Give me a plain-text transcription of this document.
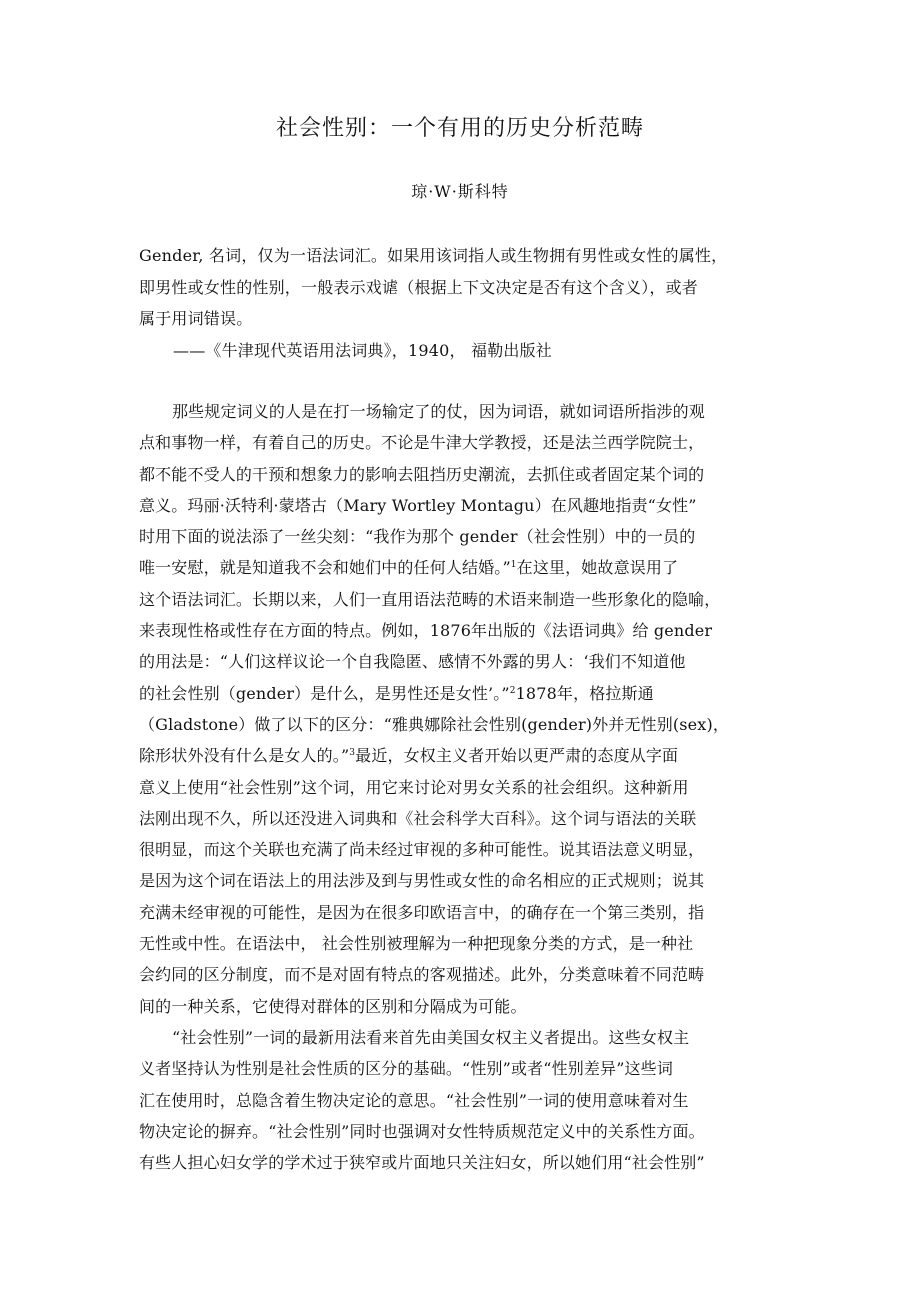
社会性别：一个有用的历史分析范畴
琼·W·斯科特
Gender, 名词，仅为一语法词汇。如果用该词指人或生物拥有男性或女性的属性，
即男性或女性的性别，一般表示戏谑（根据上下文决定是否有这个含义），或者
属于用词错误。
——《牛津现代英语用法词典》，1940， 福勒出版社
那些规定词义的人是在打一场输定了的仗，因为词语，就如词语所指涉的观
点和事物一样，有着自己的历史。不论是牛津大学教授，还是法兰西学院院士，
都不能不受人的干预和想象力的影响去阻挡历史潮流，去抓住或者固定某个词的
意义。玛丽·沃特利·蒙塔古（Mary Wortley Montagu）在风趣地指责“女性”
时用下面的说法添了一丝尖刻：“我作为那个 gender（社会性别）中的一员的
唯一安慰，就是知道我不会和她们中的任何人结婚。”$^1$在这里，她故意误用了
这个语法词汇。长期以来，人们一直用语法范畴的术语来制造一些形象化的隐喻，
来表现性格或性存在方面的特点。例如，1876年出版的《法语词典》给 gender
的用法是：“人们这样议论一个自我隐匿、感情不外露的男人：‘我们不知道他
的社会性别（gender）是什么，是男性还是女性’。”$^2$1878年，格拉斯通
（Gladstone）做了以下的区分：“雅典娜除社会性别(gender)外并无性别(sex)，
除形状外没有什么是女人的。”$^3$最近，女权主义者开始以更严肃的态度从字面
意义上使用“社会性别”这个词，用它来讨论对男女关系的社会组织。这种新用
法刚出现不久，所以还没进入词典和《社会科学大百科》。这个词与语法的关联
很明显，而这个关联也充满了尚未经过审视的多种可能性。说其语法意义明显，
是因为这个词在语法上的用法涉及到与男性或女性的命名相应的正式规则；说其
充满未经审视的可能性，是因为在很多印欧语言中，的确存在一个第三类别，指
无性或中性。在语法中， 社会性别被理解为一种把现象分类的方式，是一种社
会约同的区分制度，而不是对固有特点的客观描述。此外，分类意味着不同范畴
间的一种关系，它使得对群体的区别和分隔成为可能。
“社会性别”一词的最新用法看来首先由美国女权主义者提出。这些女权主
义者坚持认为性别是社会性质的区分的基础。“性别”或者“性别差异”这些词
汇在使用时，总隐含着生物决定论的意思。“社会性别”一词的使用意味着对生
物决定论的摒弃。“社会性别”同时也强调对女性特质规范定义中的关系性方面。
有些人担心妇女学的学术过于狭窄或片面地只关注妇女，所以她们用“社会性别”
